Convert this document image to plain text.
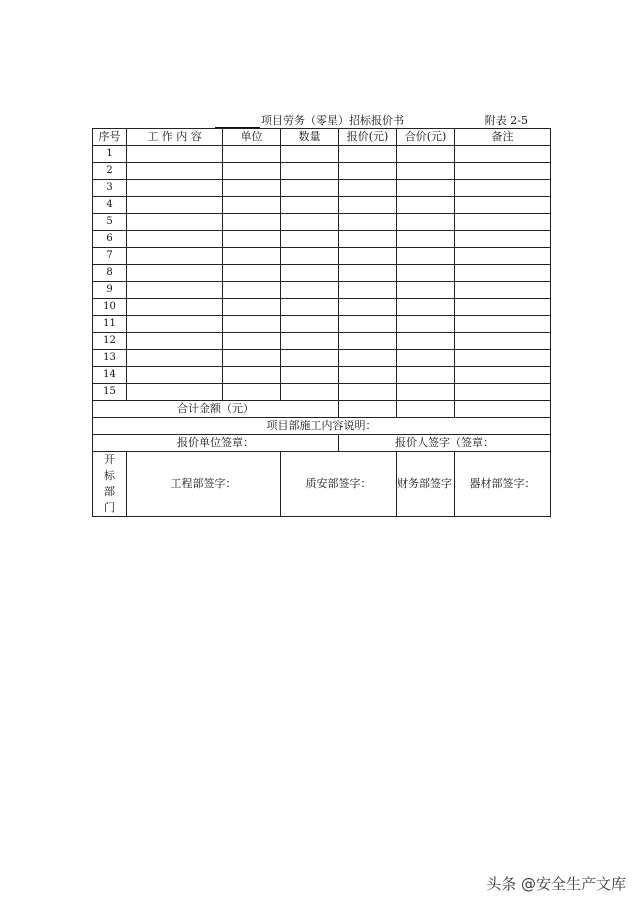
项目劳务（零星）招标报价书	附表 2-5
序号	工 作 内 容	单位	数量	报价(元)	合价(元)	备注
1						
2						
3						
4						
5						
6						
7						
8						
9						
10						
11						
12						
13						
14						
15						
合计金额（元）						
项目部施工内容说明：						
报价单位签章：				报价人签字（签章：		

开
标
部
门	工程部签字：		质安部签字：		财务部签字：	器材部签字：
头条 @安全生产文库
